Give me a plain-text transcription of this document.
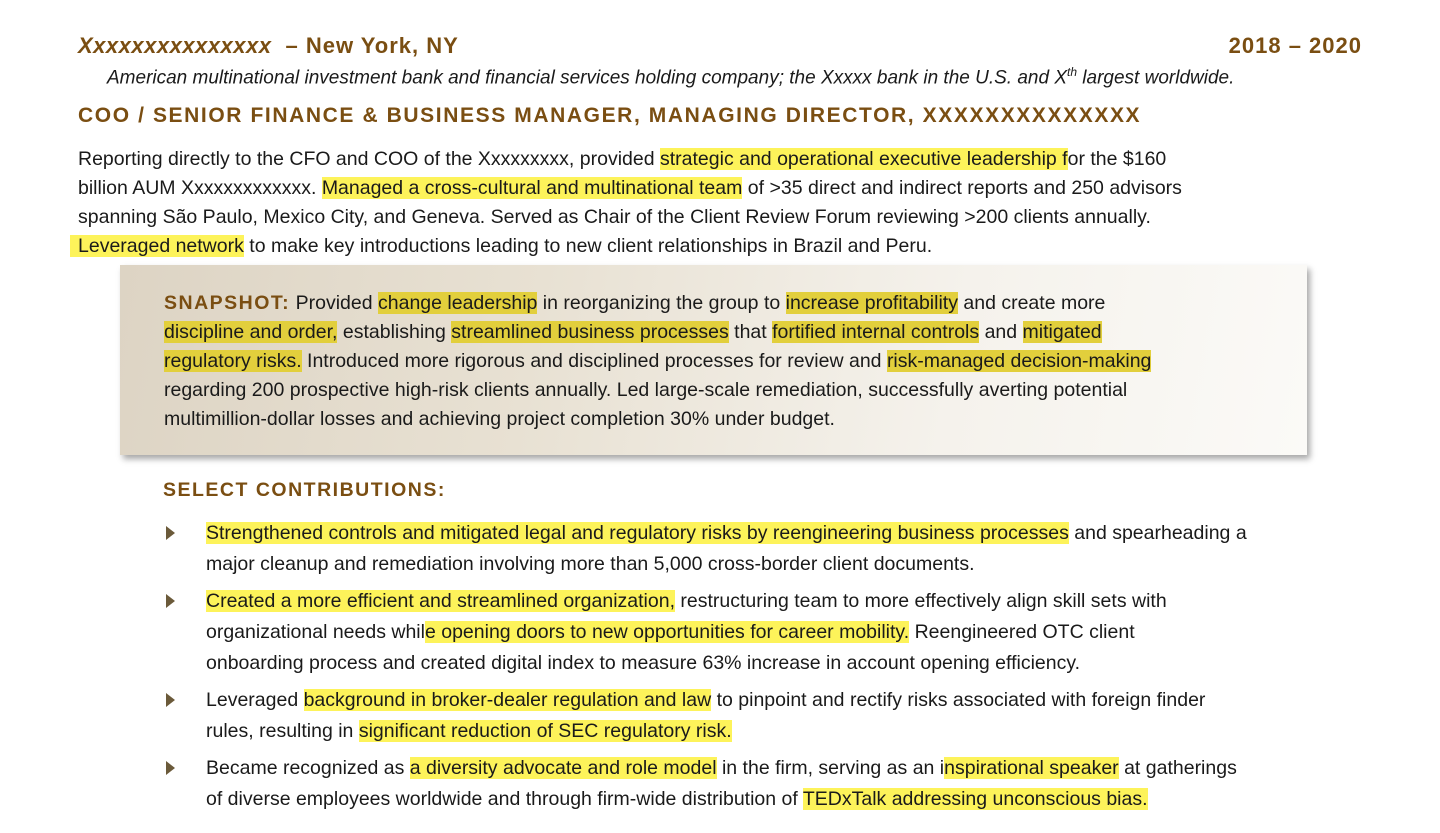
Xxxxxxxxxxxxxxx – New York, NY	2018 – 2020
American multinational investment bank and financial services holding company; the Xxxxx bank in the U.S. and Xth largest worldwide.
COO / SENIOR FINANCE & BUSINESS MANAGER, MANAGING DIRECTOR, XXXXXXXXXXXXXX
Reporting directly to the CFO and COO of the Xxxxxxxxx, provided strategic and operational executive leadership for the $160
billion AUM Xxxxxxxxxxxxx. Managed a cross-cultural and multinational team of >35 direct and indirect reports and 250 advisors
spanning São Paulo, Mexico City, and Geneva. Served as Chair of the Client Review Forum reviewing >200 clients annually.
Leveraged network to make key introductions leading to new client relationships in Brazil and Peru.
SNAPSHOT: Provided change leadership in reorganizing the group to increase profitability and create more
discipline and order, establishing streamlined business processes that fortified internal controls and mitigated
regulatory risks. Introduced more rigorous and disciplined processes for review and risk-managed decision-making
regarding 200 prospective high-risk clients annually. Led large-scale remediation, successfully averting potential
multimillion-dollar losses and achieving project completion 30% under budget.
SELECT CONTRIBUTIONS:
Strengthened controls and mitigated legal and regulatory risks by reengineering business processes and spearheading a
major cleanup and remediation involving more than 5,000 cross-border client documents.
Created a more efficient and streamlined organization, restructuring team to more effectively align skill sets with
organizational needs while opening doors to new opportunities for career mobility. Reengineered OTC client
onboarding process and created digital index to measure 63% increase in account opening efficiency.
Leveraged background in broker-dealer regulation and law to pinpoint and rectify risks associated with foreign finder
rules, resulting in significant reduction of SEC regulatory risk.
Became recognized as a diversity advocate and role model in the firm, serving as an inspirational speaker at gatherings
of diverse employees worldwide and through firm-wide distribution of TEDxTalk addressing unconscious bias.
